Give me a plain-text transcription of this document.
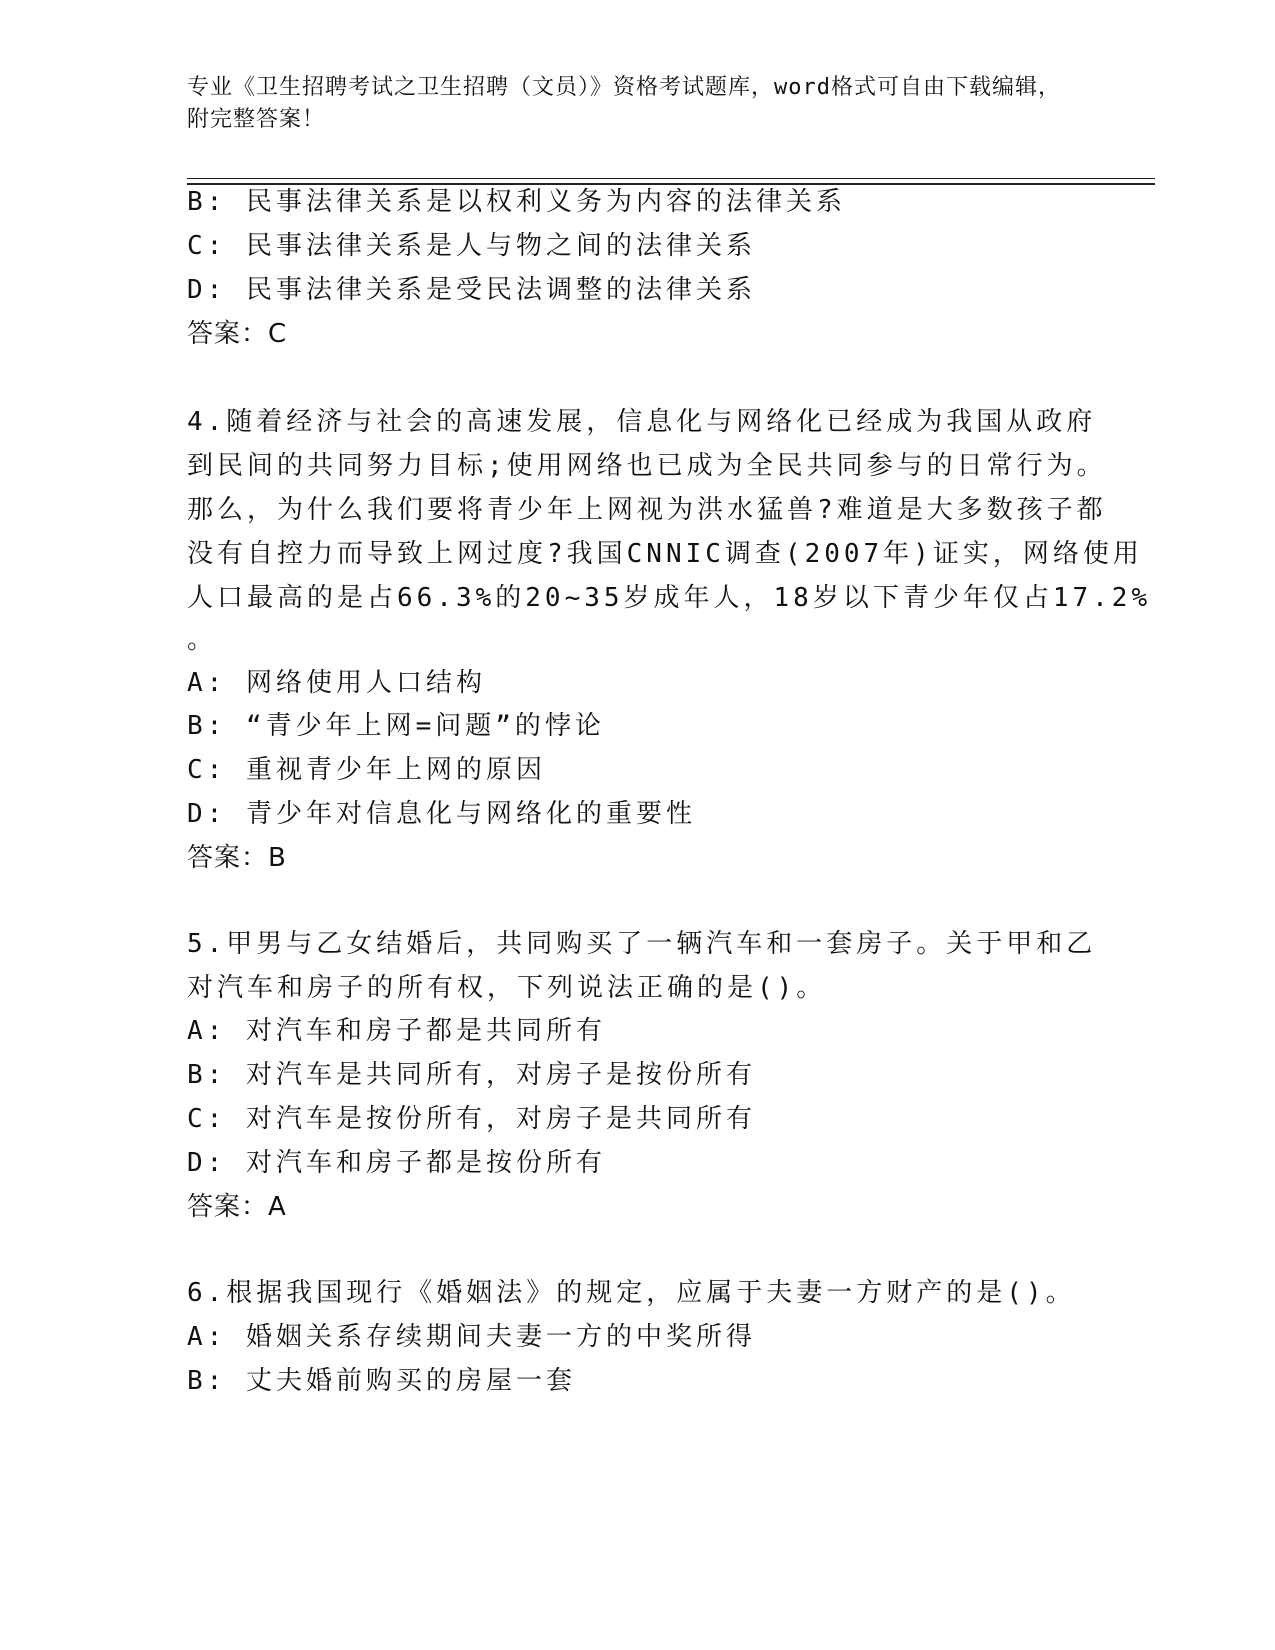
专业《卫生招聘考试之卫生招聘（文员）》资格考试题库，word格式可自由下载编辑，附完整答案！
B: 民事法律关系是以权利义务为内容的法律关系
C: 民事法律关系是人与物之间的法律关系
D: 民事法律关系是受民法调整的法律关系
答案：C
4.随着经济与社会的高速发展，信息化与网络化已经成为我国从政府
到民间的共同努力目标;使用网络也已成为全民共同参与的日常行为。
那么，为什么我们要将青少年上网视为洪水猛兽?难道是大多数孩子都
没有自控力而导致上网过度?我国CNNIC调查(2007年)证实，网络使用
人口最高的是占66.3%的20~35岁成年人，18岁以下青少年仅占17.2%
。
A: 网络使用人口结构
B: “青少年上网=问题”的悖论
C: 重视青少年上网的原因
D: 青少年对信息化与网络化的重要性
答案：B
5.甲男与乙女结婚后，共同购买了一辆汽车和一套房子。关于甲和乙
对汽车和房子的所有权，下列说法正确的是()。
A: 对汽车和房子都是共同所有
B: 对汽车是共同所有，对房子是按份所有
C: 对汽车是按份所有，对房子是共同所有
D: 对汽车和房子都是按份所有
答案：A
6.根据我国现行《婚姻法》的规定，应属于夫妻一方财产的是()。
A: 婚姻关系存续期间夫妻一方的中奖所得
B: 丈夫婚前购买的房屋一套
